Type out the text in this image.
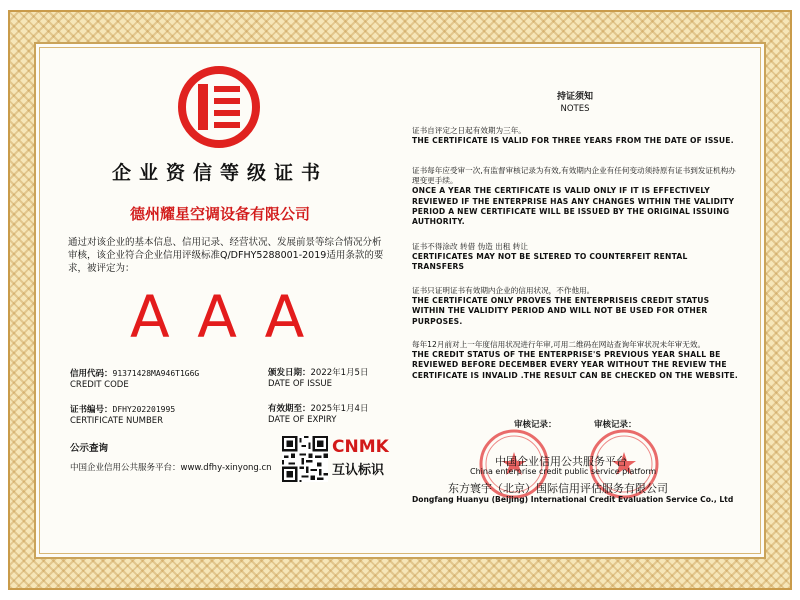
企业资信等级证书
德州耀星空调设备有限公司
通过对该企业的基本信息、信用记录、经营状况、发展前景等综合情况分析审核，该企业符合企业信用评级标准Q/DFHY5288001-2019适用条款的要求，被评定为：
AAA
信用代码：91371428MA946T1G6G
CREDIT CODE
颁发日期：2022年1月5日
DATE OF ISSUE
证书编号：DFHY202201995
CERTIFICATE NUMBER
有效期至：2025年1月4日
DATE OF EXPIRY
公示查询
中国企业信用公共服务平台：www.dfhy-xinyong.cn
CNMK
互认标识
持证须知
NOTES
证书自评定之日起有效期为三年。
THE CERTIFICATE IS VALID FOR THREE YEARS FROM THE DATE OF ISSUE.
证书每年应受审一次,有监督审核记录为有效,有效期内企业有任何变动须持原有证书到发证机构办理变更手续。
ONCE A YEAR THE CERTIFICATE IS VALID ONLY IF IT IS EFFECTIVELY REVIEWED IF THE ENTERPRISE HAS ANY CHANGES WITHIN THE VALIDITY PERIOD A NEW CERTIFICATE WILL BE ISSUED BY THE ORIGINAL ISSUING AUTHORITY.
证书不得涂改 转借 伪造 出租 转让
CERTIFICATES MAY NOT BE SLTERED TO COUNTERFEIT RENTAL TRANSFERS
证书只证明证书有效期内企业的信用状况，不作他用。
THE CERTIFICATE ONLY PROVES THE ENTERPRISEIS CREDIT STATUS WITHIN THE VALIDITY PERIOD AND WILL NOT BE USED FOR OTHER PURPOSES.
每年12月前对上一年度信用状况进行年审,可用二维码在网站查询年审状况未年审无效。
THE CREDIT STATUS OF THE ENTERPRISE'S PREVIOUS YEAR SHALL BE REVIEWED BEFORE DECEMBER EVERY YEAR WITHOUT THE REVIEW THE CERTIFICATE IS INVALID .THE RESULT CAN BE CHECKED ON THE WEBSITE.
审核记录：	审核记录：
中国企业信用公共服务平台
China enterprise credit public service platform
东方寰宇（北京）国际信用评估服务有限公司
Dongfang Huanyu (Beijing) International Credit Evaluation Service Co., Ltd
